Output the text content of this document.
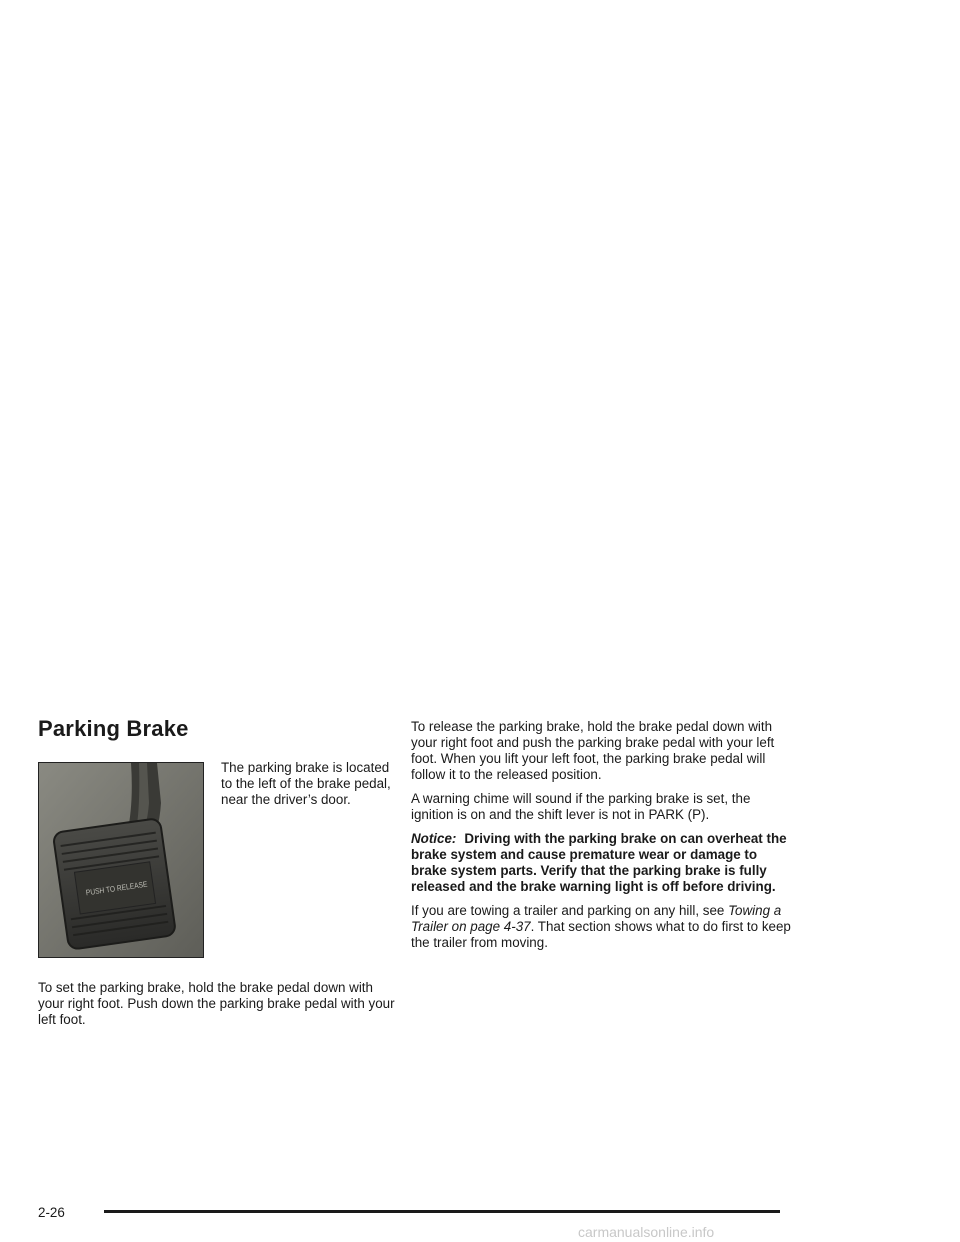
Parking Brake
PUSH TO RELEASE

The parking brake is located to the left of the brake pedal, near the driver’s door.

To set the parking brake, hold the brake pedal down with your right foot. Push down the parking brake pedal with your left foot.

To release the parking brake, hold the brake pedal down with your right foot and push the parking brake pedal with your left foot. When you lift your left foot, the parking brake pedal will follow it to the released position.

A warning chime will sound if the parking brake is set, the ignition is on and the shift lever is not in PARK (P).

Notice: Driving with the parking brake on can overheat the brake system and cause premature wear or damage to brake system parts. Verify that the parking brake is fully released and the brake warning light is off before driving.

If you are towing a trailer and parking on any hill, see Towing a Trailer on page 4-37. That section shows what to do first to keep the trailer from moving.

2-26
carmanualsonline.info
